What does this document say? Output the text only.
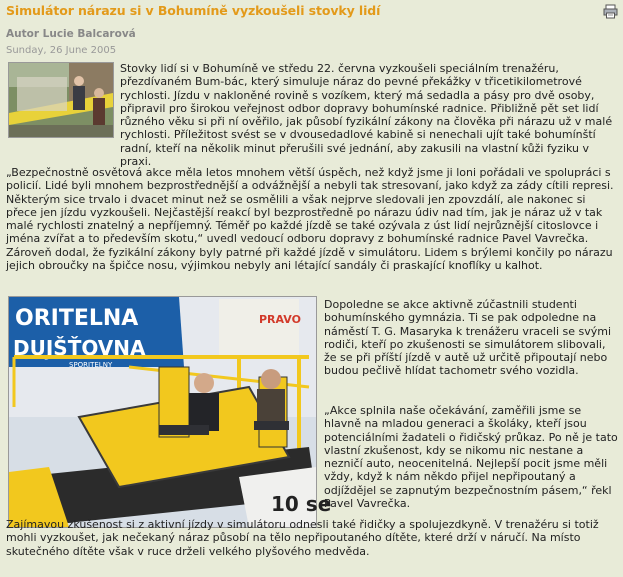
Simulátor nárazu si v Bohumíně vyzkoušeli stovky lidí
Autor Lucie Balcarová
Sunday, 26 June 2005

Stovky lidí si v Bohumíně ve středu 22. června vyzkoušeli speciálním trenažéru, přezdívaném Bum-bác, který simuluje náraz do pevné překážky v třicetikilometrové rychlosti. Jízdu v nakloněné rovině s vozíkem, který má sedadla a pásy pro dvě osoby, připravil pro širokou veřejnost odbor dopravy bohumínské radnice. Přibližně pět set lidí různého věku si při ní ověřilo, jak působí fyzikální zákony na člověka při nárazu už v malé rychlosti. Příležitost svést se v dvousedadlové kabině si nenechali ujít také bohumínští radní, kteří na několik minut přerušili své jednání, aby zakusili na vlastní kůži fyziku v praxi.

„Bezpečnostně osvětová akce měla letos mnohem větší úspěch, než když jsme ji loni pořádali ve spolupráci s policií. Lidé byli mnohem bezprostřednější a odvážnější a nebyli tak stresovaní, jako když za zády cítili represi. Některým sice trvalo i dvacet minut než se osmělili a však nejprve sledovali jen zpovzdálí, ale nakonec si přece jen jízdu vyzkoušeli. Nejčastější reakcí byl bezprostředně po nárazu údiv nad tím, jak je náraz už v tak malé rychlosti znatelný a nepříjemný. Téměř po každé jízdě se také ozývala z úst lidí nejrůznější citoslovce i jména zvířat a to především skotu,“ uvedl vedoucí odboru dopravy z bohumínské radnice Pavel Vavrečka. Zároveň dodal, že fyzikální zákony byly patrné při každé jízdě v simulátoru. Lidem s brýlemi končily po nárazu jejich obroučky na špičce nosu, výjimkou nebyly ani létající sandály či praskající knoflíky u kalhot.

ORITELNA
DUJŠŤOVNA
SPORITELNY
PRAVO
10 se

Dopoledne se akce aktivně zúčastnili studenti bohumínského gymnázia. Ti se pak odpoledne na náměstí T. G. Masaryka k trenážeru vraceli se svými rodiči, kteří po zkušenosti se simulátorem slibovali, že se při příští jízdě v autě už určitě připoutají nebo budou pečlivě hlídat tachometr svého vozidla.

„Akce splnila naše očekávání, zaměřili jsme se hlavně na mladou generaci a školáky, kteří jsou potenciálními žadateli o řidičský průkaz. Po ně je tato vlastní zkušenost, kdy se nikomu nic nestane a nezničí auto, neocenitelná. Nejlepší pocit jsme měli vždy, když k nám někdo přijel nepřipoutaný a odjíždějel se zapnutým bezpečnostním pásem,“ řekl Pavel Vavrečka.

Zajímavou zkušenost si z aktivní jízdy v simulátoru odnesli také řidičky a spolujezdkyně. V trenažéru si totiž mohli vyzkoušet, jak nečekaný náraz působí na tělo nepřipoutaného dítěte, které drží v náručí. Na místo skutečného dítěte však v ruce drželi velkého plyšového medvěda.
